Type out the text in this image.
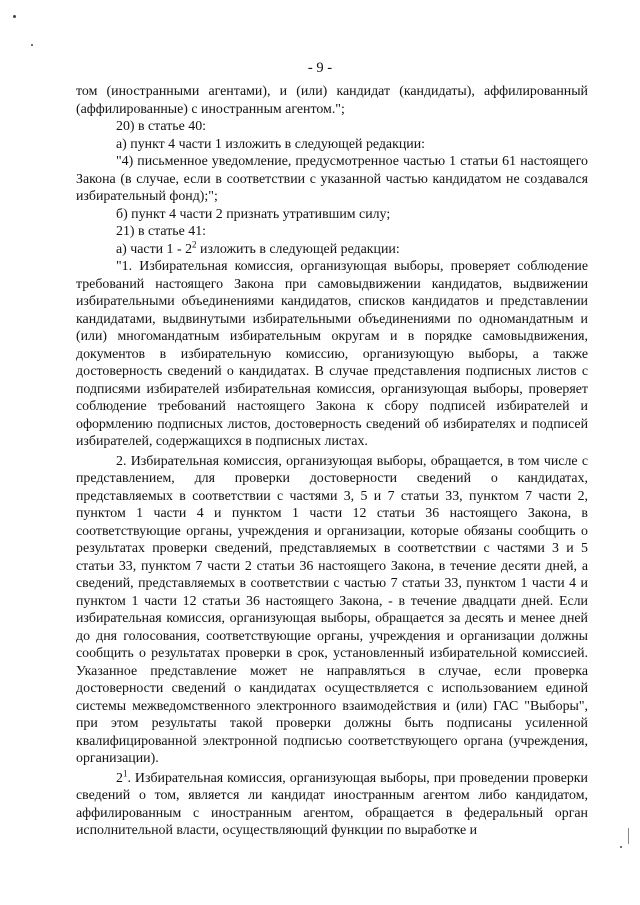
- 9 -

том (иностранными агентами), и (или) кандидат (кандидаты), аффилированный (аффилированные) с иностранным агентом.";

20) в статье 40:

а) пункт 4 части 1 изложить в следующей редакции:

"4) письменное уведомление, предусмотренное частью 1 статьи 61 настоящего Закона (в случае, если в соответствии с указанной частью кандидатом не создавался избирательный фонд);";

б) пункт 4 части 2 признать утратившим силу;

21) в статье 41:

а) части $1 - 2^2$ изложить в следующей редакции:

"1. Избирательная комиссия, организующая выборы, проверяет соблюдение требований настоящего Закона при самовыдвижении кандидатов, выдвижении избирательными объединениями кандидатов, списков кандидатов и представлении кандидатами, выдвинутыми избирательными объединениями по одномандатным и (или) многомандатным избирательным округам и в порядке самовыдвижения, документов в избирательную комиссию, организующую выборы, а также достоверность сведений о кандидатах. В случае представления подписных листов с подписями избирателей избирательная комиссия, организующая выборы, проверяет соблюдение требований настоящего Закона к сбору подписей избирателей и оформлению подписных листов, достоверность сведений об избирателях и подписей избирателей, содержащихся в подписных листах.

2. Избирательная комиссия, организующая выборы, обращается, в том числе с представлением, для проверки достоверности сведений о кандидатах, представляемых в соответствии с частями 3, 5 и 7 статьи 33, пунктом 7 части 2, пунктом 1 части 4 и пунктом 1 части 12 статьи 36 настоящего Закона, в соответствующие органы, учреждения и организации, которые обязаны сообщить о результатах проверки сведений, представляемых в соответствии с частями 3 и 5 статьи 33, пунктом 7 части 2 статьи 36 настоящего Закона, в течение десяти дней, а сведений, представляемых в соответствии с частью 7 статьи 33, пунктом 1 части 4 и пунктом 1 части 12 статьи 36 настоящего Закона, - в течение двадцати дней. Если избирательная комиссия, организующая выборы, обращается за десять и менее дней до дня голосования, соответствующие органы, учреждения и организации должны сообщить о результатах проверки в срок, установленный избирательной комиссией. Указанное представление может не направляться в случае, если проверка достоверности сведений о кандидатах осуществляется с использованием единой системы межведомственного электронного взаимодействия и (или) ГАС "Выборы", при этом результаты такой проверки должны быть подписаны усиленной квалифицированной электронной подписью соответствующего органа (учреждения, организации).

$2^1$. Избирательная комиссия, организующая выборы, при проведении проверки сведений о том, является ли кандидат иностранным агентом либо кандидатом, аффилированным с иностранным агентом, обращается в федеральный орган исполнительной власти, осуществляющий функции по выработке и
